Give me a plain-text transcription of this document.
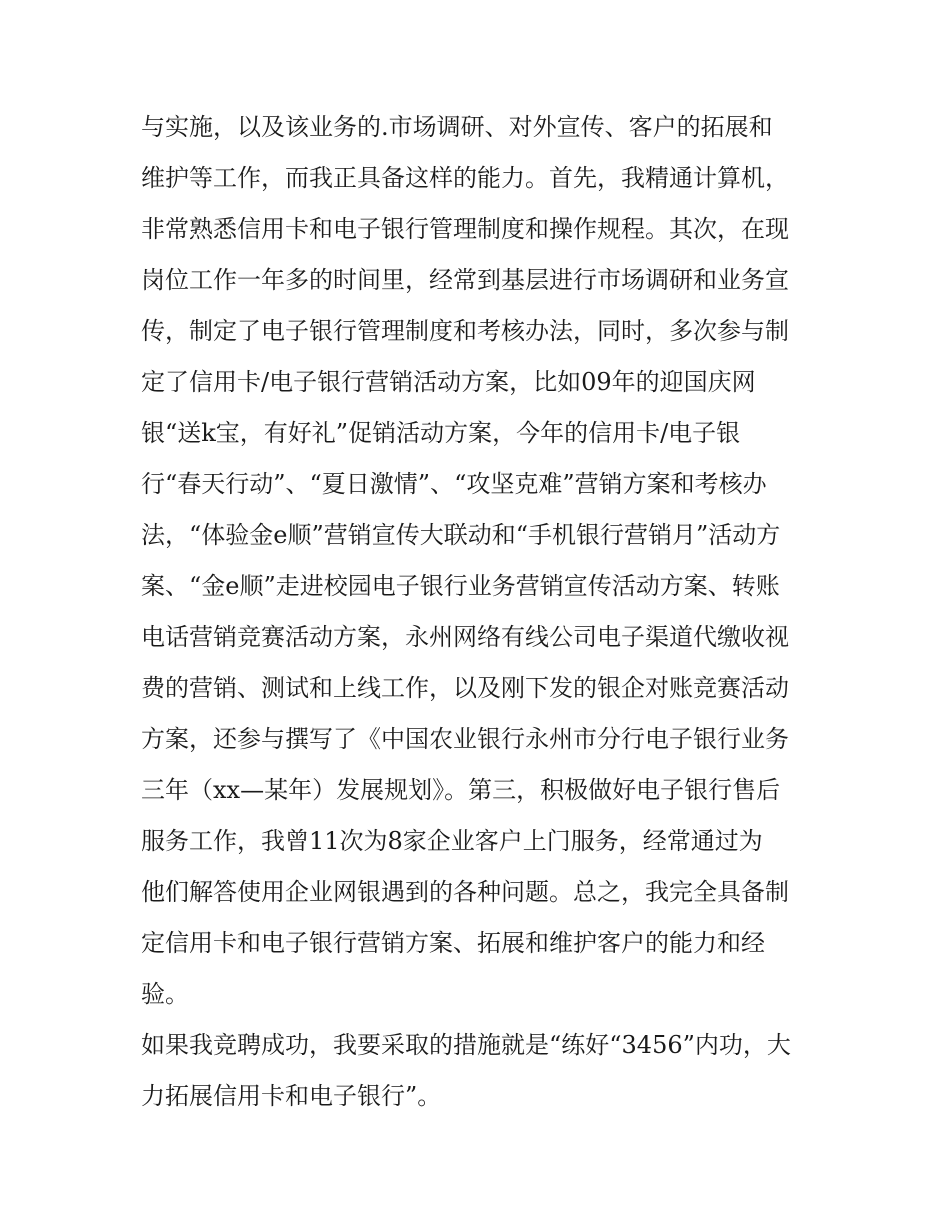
与实施，以及该业务的.市场调研、对外宣传、客户的拓展和
维护等工作，而我正具备这样的能力。首先，我精通计算机，
非常熟悉信用卡和电子银行管理制度和操作规程。其次，在现
岗位工作一年多的时间里，经常到基层进行市场调研和业务宣
传，制定了电子银行管理制度和考核办法，同时，多次参与制
定了信用卡/电子银行营销活动方案，比如09年的迎国庆网
银“送k宝，有好礼”促销活动方案，今年的信用卡/电子银
行“春天行动”、“夏日激情”、“攻坚克难”营销方案和考核办
法，“体验金e顺”营销宣传大联动和“手机银行营销月”活动方
案、“金e顺”走进校园电子银行业务营销宣传活动方案、转账
电话营销竞赛活动方案，永州网络有线公司电子渠道代缴收视
费的营销、测试和上线工作，以及刚下发的银企对账竞赛活动
方案，还参与撰写了《中国农业银行永州市分行电子银行业务
三年（xx—某年）发展规划》。第三，积极做好电子银行售后
服务工作，我曾11次为8家企业客户上门服务，经常通过为
他们解答使用企业网银遇到的各种问题。总之，我完全具备制
定信用卡和电子银行营销方案、拓展和维护客户的能力和经
验。
如果我竞聘成功，我要采取的措施就是“练好“3456”内功，大
力拓展信用卡和电子银行”。
